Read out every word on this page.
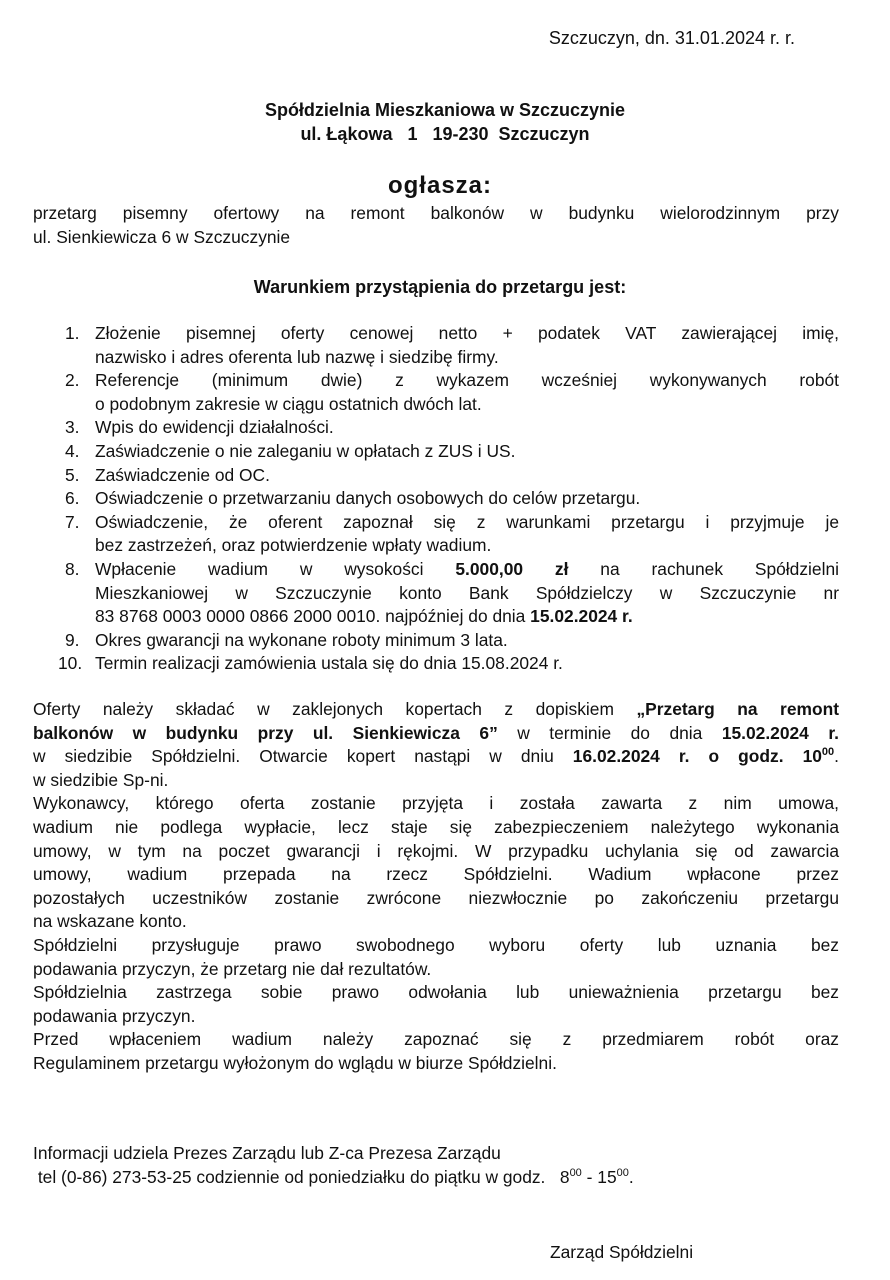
Szczuczyn, dn. 31.01.2024 r. r.
Spółdzielnia Mieszkaniowa w Szczuczynie
ul. Łąkowa   1   19-230  Szczuczyn
ogłasza:
przetarg pisemny ofertowy na remont balkonów w budynku wielorodzinnym przy
ul. Sienkiewicza 6 w Szczuczynie
Warunkiem przystąpienia do przetargu jest:
1. Złożenie pisemnej oferty cenowej netto + podatek VAT zawierającej imię,
nazwisko i adres oferenta lub nazwę i siedzibę firmy.
2. Referencje (minimum dwie) z wykazem wcześniej wykonywanych robót
o podobnym zakresie w ciągu ostatnich dwóch lat.
3. Wpis do ewidencji działalności.
4. Zaświadczenie o nie zaleganiu w opłatach z ZUS i US.
5. Zaświadczenie od OC.
6. Oświadczenie o przetwarzaniu danych osobowych do celów przetargu.
7. Oświadczenie, że oferent zapoznał się z warunkami przetargu i przyjmuje je
bez zastrzeżeń, oraz potwierdzenie wpłaty wadium.
8. Wpłacenie wadium w wysokości 5.000,00 zł na rachunek Spółdzielni
Mieszkaniowej w Szczuczynie konto Bank Spółdzielczy w Szczuczynie nr
83 8768 0003 0000 0866 2000 0010. najpóźniej do dnia 15.02.2024 r.
9. Okres gwarancji na wykonane roboty minimum 3 lata.
10. Termin realizacji zamówienia ustala się do dnia 15.08.2024 r.
Oferty należy składać w zaklejonych kopertach z dopiskiem „Przetarg na remont
balkonów w budynku przy ul. Sienkiewicza 6” w terminie do dnia 15.02.2024 r.
w siedzibie Spółdzielni. Otwarcie kopert nastąpi w dniu 16.02.2024 r. o godz. $10^{00}$.
w siedzibie Sp-ni.
Wykonawcy, którego oferta zostanie przyjęta i została zawarta z nim umowa,
wadium nie podlega wypłacie, lecz staje się zabezpieczeniem należytego wykonania
umowy, w tym na poczet gwarancji i rękojmi. W przypadku uchylania się od zawarcia
umowy, wadium przepada na rzecz Spółdzielni. Wadium wpłacone przez
pozostałych uczestników zostanie zwrócone niezwłocznie po zakończeniu przetargu
na wskazane konto.
Spółdzielni przysługuje prawo swobodnego wyboru oferty lub uznania bez
podawania przyczyn, że przetarg nie dał rezultatów.
Spółdzielnia zastrzega sobie prawo odwołania lub unieważnienia przetargu bez
podawania przyczyn.
Przed wpłaceniem wadium należy zapoznać się z przedmiarem robót oraz
Regulaminem przetargu wyłożonym do wglądu w biurze Spółdzielni.
Informacji udziela Prezes Zarządu lub Z-ca Prezesa Zarządu
tel (0-86) 273-53-25 codziennie od poniedziałku do piątku w godz.   $8^{00} - 15^{00}$.
Zarząd Spółdzielni
